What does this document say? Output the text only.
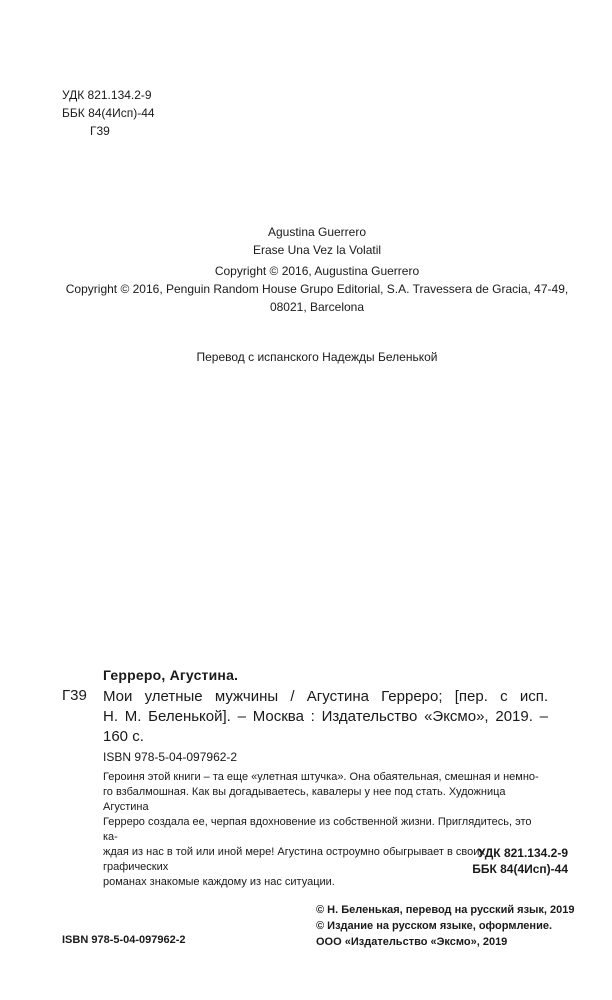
УДК 821.134.2-9
ББК 84(4Исп)-44
Г39
Agustina Guerrero
Erase Una Vez la Volatil
Copyright © 2016, Augustina Guerrero
Copyright © 2016, Penguin Random House Grupo Editorial, S.A. Travessera de Gracia, 47-49,
08021, Barcelona
Перевод с испанского Надежды Беленькой
Герреро, Агустина.
Г39 Мои улетные мужчины / Агустина Герреро; [пер. с исп.
Н. М. Беленькой]. – Москва : Издательство «Эксмо», 2019. –
160 с.
ISBN 978-5-04-097962-2
Героиня этой книги – та еще «улетная штучка». Она обаятельная, смешная и немно-
го взбалмошная. Как вы догадываетесь, кавалеры у нее под стать. Художница Агустина
Герреро создала ее, черпая вдохновение из собственной жизни. Приглядитесь, это ка-
ждая из нас в той или иной мере! Агустина остроумно обыгрывает в своих графических
романах знакомые каждому из нас ситуации.
УДК 821.134.2-9
ББК 84(4Исп)-44
© Н. Беленькая, перевод на русский язык, 2019
© Издание на русском языке, оформление.
ООО «Издательство «Эксмо», 2019
ISBN 978-5-04-097962-2
